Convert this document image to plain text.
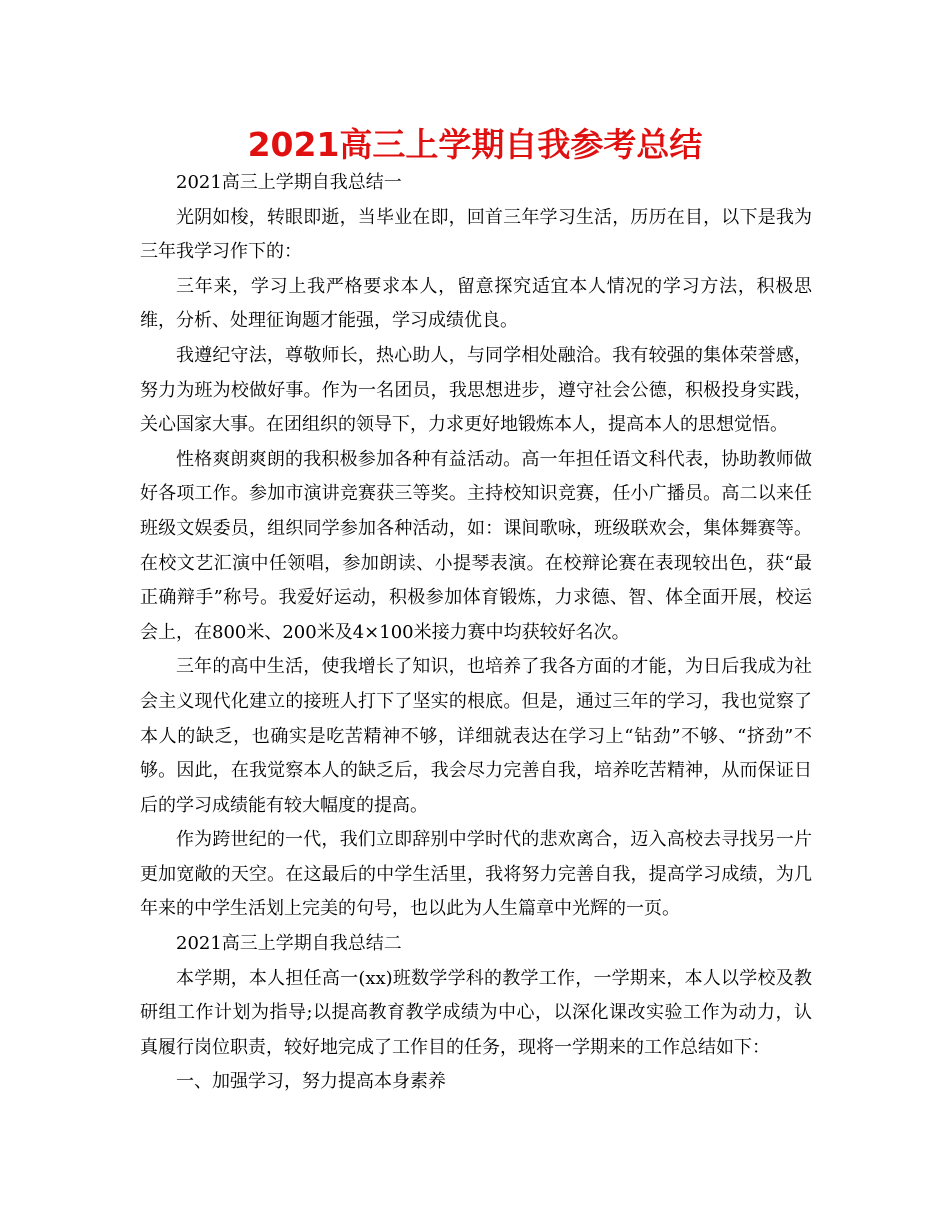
2021高三上学期自我参考总结

2021高三上学期自我总结一

光阴如梭，转眼即逝，当毕业在即，回首三年学习生活，历历在目，以下是我为三年我学习作下的：

三年来，学习上我严格要求本人，留意探究适宜本人情况的学习方法，积极思维，分析、处理征询题才能强，学习成绩优良。

我遵纪守法，尊敬师长，热心助人，与同学相处融洽。我有较强的集体荣誉感，努力为班为校做好事。作为一名团员，我思想进步，遵守社会公德，积极投身实践，关心国家大事。在团组织的领导下，力求更好地锻炼本人，提高本人的思想觉悟。

性格爽朗爽朗的我积极参加各种有益活动。高一年担任语文科代表，协助教师做好各项工作。参加市演讲竞赛获三等奖。主持校知识竞赛，任小广播员。高二以来任班级文娱委员，组织同学参加各种活动，如：课间歌咏，班级联欢会，集体舞赛等。在校文艺汇演中任领唱，参加朗读、小提琴表演。在校辩论赛在表现较出色，获“最正确辩手”称号。我爱好运动，积极参加体育锻炼，力求德、智、体全面开展，校运会上，在800米、200米及4×100米接力赛中均获较好名次。

三年的高中生活，使我增长了知识，也培养了我各方面的才能，为日后我成为社会主义现代化建立的接班人打下了坚实的根底。但是，通过三年的学习，我也觉察了本人的缺乏，也确实是吃苦精神不够，详细就表达在学习上“钻劲”不够、“挤劲”不够。因此，在我觉察本人的缺乏后，我会尽力完善自我，培养吃苦精神，从而保证日后的学习成绩能有较大幅度的提高。

作为跨世纪的一代，我们立即辞别中学时代的悲欢离合，迈入高校去寻找另一片更加宽敞的天空。在这最后的中学生活里，我将努力完善自我，提高学习成绩，为几年来的中学生活划上完美的句号，也以此为人生篇章中光辉的一页。

2021高三上学期自我总结二

本学期，本人担任高一(xx)班数学学科的教学工作，一学期来，本人以学校及教研组工作计划为指导;以提高教育教学成绩为中心，以深化课改实验工作为动力，认真履行岗位职责，较好地完成了工作目的任务，现将一学期来的工作总结如下：

一、加强学习，努力提高本身素养
